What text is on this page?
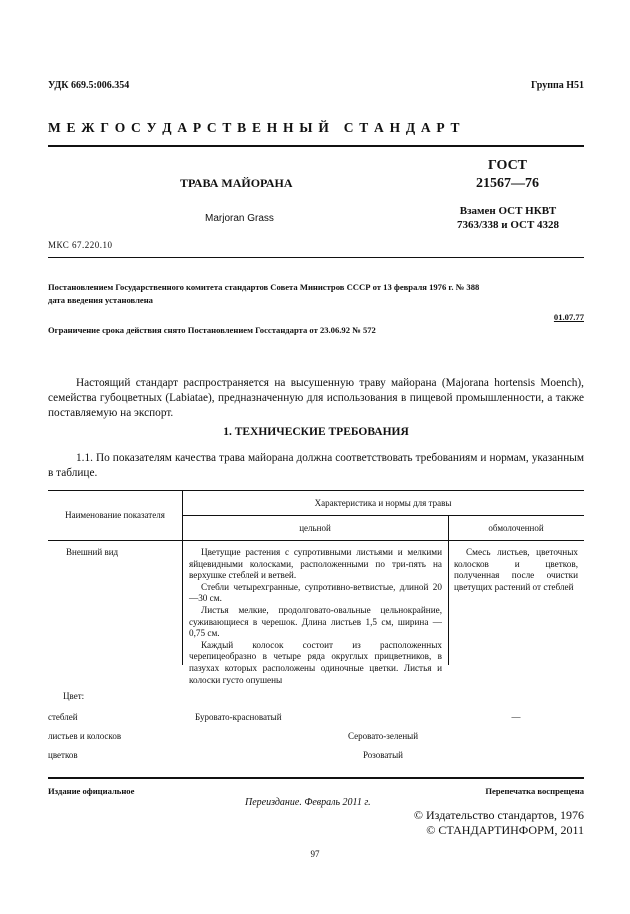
УДК 669.5:006.354	Группа Н51
М Е Ж Г О С У Д А Р С Т В Е Н Н Ы Й   С Т А Н Д А Р Т
ТРАВА МАЙОРАНА
Marjoran Grass
ГОСТ
21567—76
Взамен ОСТ НКВТ
7363/338 и ОСТ 4328
МКС 67.220.10
Постановлением Государственного комитета стандартов Совета Министров СССР от 13 февраля 1976 г. № 388
дата введения установлена
01.07.77
Ограничение срока действия снято Постановлением Госстандарта от 23.06.92 № 572

Настоящий стандарт распространяется на высушенную траву майорана (Majorana hortensis Moench), семейства губоцветных (Labiatae), предназначенную для использования в пищевой промышленности, а также поставляемую на экспорт.

1. ТЕХНИЧЕСКИЕ ТРЕБОВАНИЯ

1.1. По показателям качества трава майорана должна соответствовать требованиям и нормам, указанным в таблице.

Наименование показателя
Характеристика и нормы для травы
цельной	обмолоченной
Внешний вид	Цветущие растения с супротивными листьями и мелкими яйцевидными колосками, расположенными по три-пять на верхушке стеблей и ветвей.

Стебли четырехгранные, супротивно-ветвистые, длиной 20—30 см.

Листья мелкие, продолговато-овальные цельнокрайние, суживающиеся в черешок. Длина листьев 1,5 см, ширина — 0,75 см.

Каждый колосок состоит из расположенных черепицеобразно в четыре ряда округлых прицветников, в пазухах которых расположены одиночные цветки. Листья и колоски густо опушены

Смесь листьев, цветочных колосков и цветков, полученная после очистки цветущих растений от стеблей

Цвет:
стеблей	Буровато-красноватый	—
листьев и колосков	Серовато-зеленый
цветков	Розоватый
Издание официальное	Перепечатка воспрещена
Переиздание. Февраль 2011 г.
© Издательство стандартов, 1976
© СТАНДАРТИНФОРМ, 2011
97
